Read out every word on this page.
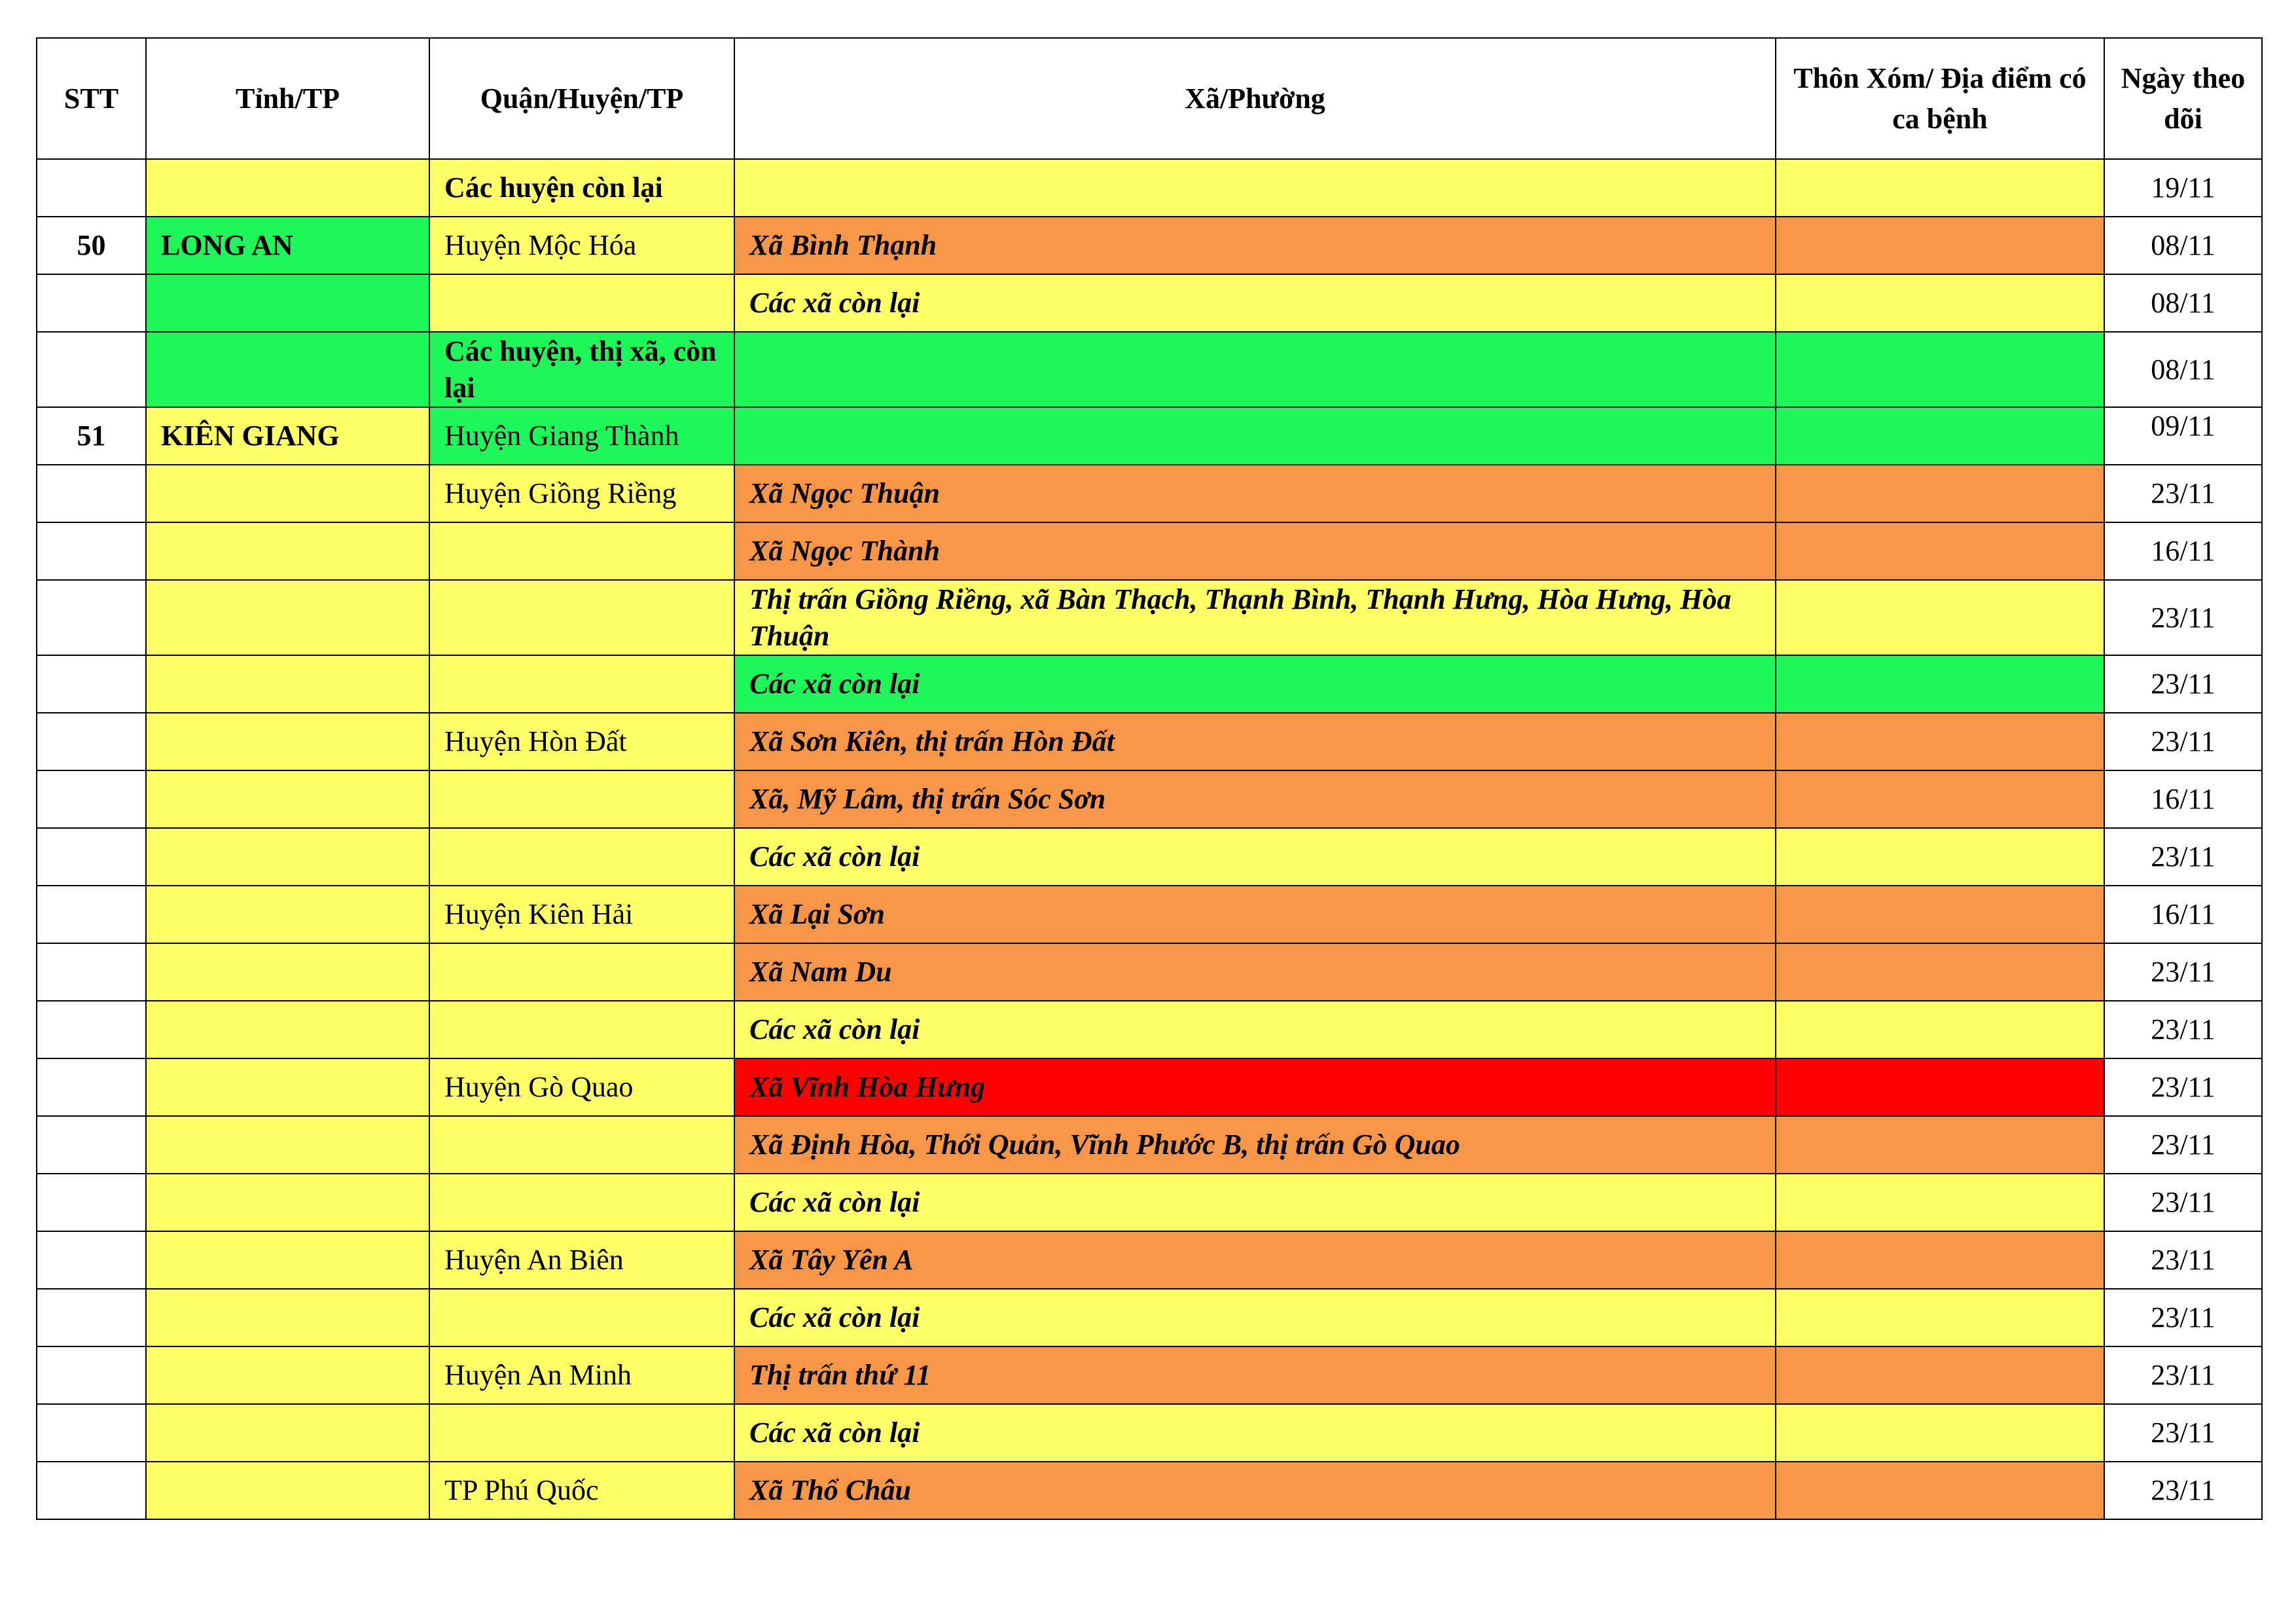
STT	Tỉnh/TP	Quận/Huyện/TP	Xã/Phường	Thôn Xóm/ Địa điểm có ca bệnh	Ngày theo dõi
		Các huyện còn lại			19/11
50	LONG AN	Huyện Mộc Hóa	Xã Bình Thạnh		08/11
			Các xã còn lại		08/11
		Các huyện, thị xã, còn lại			08/11
51	KIÊN GIANG	Huyện Giang Thành			09/11
		Huyện Giồng Riềng	Xã Ngọc Thuận		23/11
			Xã Ngọc Thành		16/11
			Thị trấn Giồng Riềng, xã Bàn Thạch, Thạnh Bình, Thạnh Hưng, Hòa Hưng, Hòa Thuận		23/11
			Các xã còn lại		23/11
		Huyện Hòn Đất	Xã Sơn Kiên, thị trấn Hòn Đất		23/11
			Xã, Mỹ Lâm, thị trấn Sóc Sơn		16/11
			Các xã còn lại		23/11
		Huyện Kiên Hải	Xã Lại Sơn		16/11
			Xã Nam Du		23/11
			Các xã còn lại		23/11
		Huyện Gò Quao	Xã Vĩnh Hòa Hưng		23/11
			Xã Định Hòa, Thới Quản, Vĩnh Phước B, thị trấn Gò Quao		23/11
			Các xã còn lại		23/11
		Huyện An Biên	Xã Tây Yên A		23/11
			Các xã còn lại		23/11
		Huyện An Minh	Thị trấn thứ 11		23/11
			Các xã còn lại		23/11
		TP Phú Quốc	Xã Thổ Châu		23/11
